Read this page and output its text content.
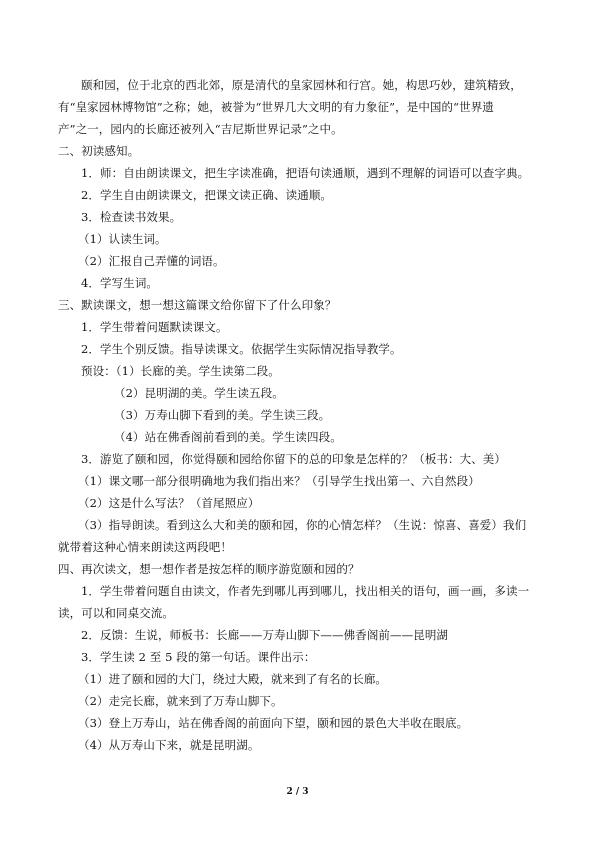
颐和园，位于北京的西北郊，原是清代的皇家园林和行宫。她，构思巧妙，建筑精致，
有“皇家园林博物馆”之称；她，被誉为“世界几大文明的有力象征”，是中国的“世界遗
产”之一，园内的长廊还被列入“吉尼斯世界记录”之中。
二、初读感知。
1．师：自由朗读课文，把生字读准确，把语句读通顺，遇到不理解的词语可以查字典。
2．学生自由朗读课文，把课文读正确、读通顺。
3．检查读书效果。
（1）认读生词。
（2）汇报自己弄懂的词语。
4．学写生词。
三、默读课文，想一想这篇课文给你留下了什么印象？
1．学生带着问题默读课文。
2．学生个别反馈。指导读课文。依据学生实际情况指导教学。
预设：（1）长廊的美。学生读第二段。
（2）昆明湖的美。学生读五段。
（3）万寿山脚下看到的美。学生读三段。
（4）站在佛香阁前看到的美。学生读四段。
3．游览了颐和园，你觉得颐和园给你留下的总的印象是怎样的？（板书：大、美）
（1）课文哪一部分很明确地为我们指出来？（引导学生找出第一、六自然段）
（2）这是什么写法？（首尾照应）
（3）指导朗读。看到这么大和美的颐和园，你的心情怎样？（生说：惊喜、喜爱）我们
就带着这种心情来朗读这两段吧！
四、再次读文，想一想作者是按怎样的顺序游览颐和园的？
1．学生带着问题自由读文，作者先到哪儿再到哪儿，找出相关的语句，画一画，多读一
读，可以和同桌交流。
2．反馈：生说，师板书：长廊——万寿山脚下——佛香阁前——昆明湖
3．学生读 2 至 5 段的第一句话。课件出示：
（1）进了颐和园的大门，绕过大殿，就来到了有名的长廊。
（2）走完长廊，就来到了万寿山脚下。
（3）登上万寿山，站在佛香阁的前面向下望，颐和园的景色大半收在眼底。
（4）从万寿山下来，就是昆明湖。
2 / 3
